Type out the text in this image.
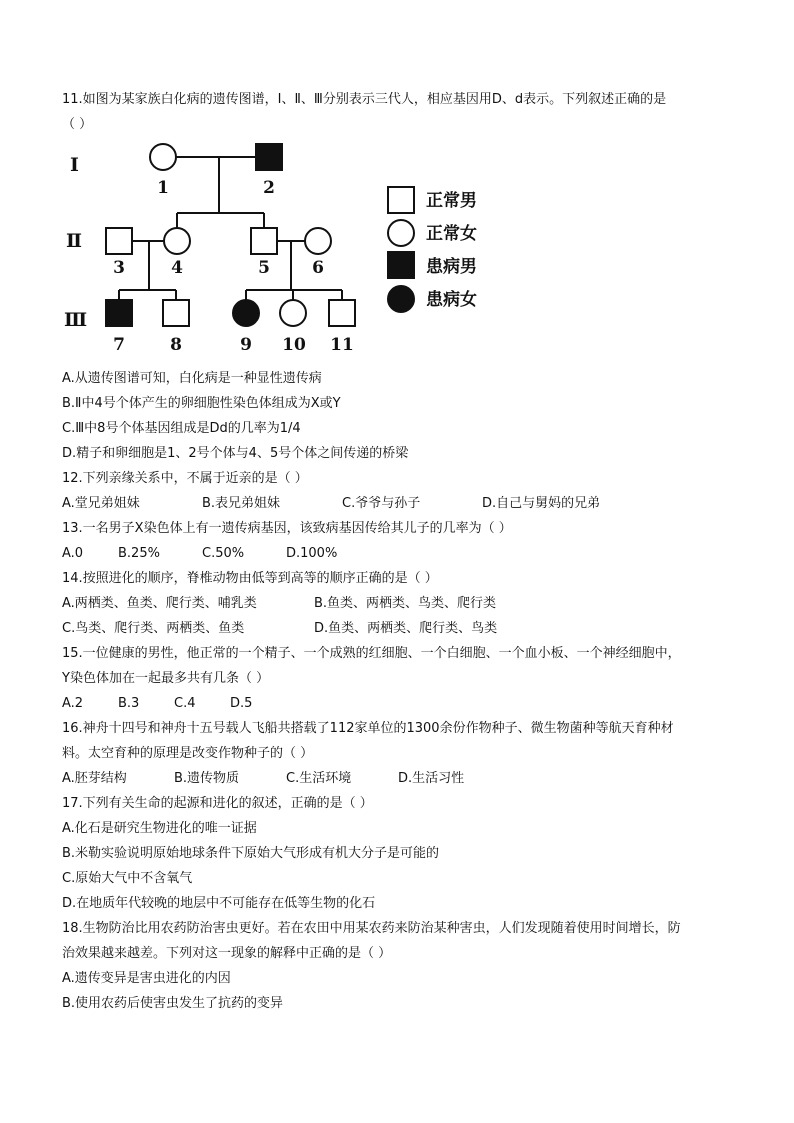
11.如图为某家族白化病的遗传图谱，Ⅰ、Ⅱ、Ⅲ分别表示三代人，相应基因用D、d表示。下列叙述正确的是
（ ）
Ⅰ
Ⅱ
Ⅲ
1	2
3	4	5 6
7	8	9 10 11
正常男
正常女
患病男
患病女
A.从遗传图谱可知，白化病是一种显性遗传病
B.Ⅱ中4号个体产生的卵细胞性染色体组成为X或Y
C.Ⅲ中8号个体基因组成是Dd的几率为1/4
D.精子和卵细胞是1、2号个体与4、5号个体之间传递的桥梁
12.下列亲缘关系中，不属于近亲的是（ ）
A.堂兄弟姐妹	B.表兄弟姐妹	C.爷爷与孙子	D.自己与舅妈的兄弟
13.一名男子X染色体上有一遗传病基因，该致病基因传给其儿子的几率为（ ）
A.0	B.25%	C.50%	D.100%
14.按照进化的顺序，脊椎动物由低等到高等的顺序正确的是（ ）
A.两栖类、鱼类、爬行类、哺乳类	B.鱼类、两栖类、鸟类、爬行类
C.鸟类、爬行类、两栖类、鱼类	D.鱼类、两栖类、爬行类、鸟类
15.一位健康的男性，他正常的一个精子、一个成熟的红细胞、一个白细胞、一个血小板、一个神经细胞中，
Y染色体加在一起最多共有几条（ ）
A.2	B.3	C.4	D.5
16.神舟十四号和神舟十五号载人飞船共搭载了112家单位的1300余份作物种子、微生物菌种等航天育种材
料。太空育种的原理是改变作物种子的（ ）
A.胚芽结构	B.遗传物质	C.生活环境	D.生活习性
17.下列有关生命的起源和进化的叙述，正确的是（ ）
A.化石是研究生物进化的唯一证据
B.米勒实验说明原始地球条件下原始大气形成有机大分子是可能的
C.原始大气中不含氧气
D.在地质年代较晚的地层中不可能存在低等生物的化石
18.生物防治比用农药防治害虫更好。若在农田中用某农药来防治某种害虫，人们发现随着使用时间增长，防
治效果越来越差。下列对这一现象的解释中正确的是（ ）
A.遗传变异是害虫进化的内因
B.使用农药后使害虫发生了抗药的变异
